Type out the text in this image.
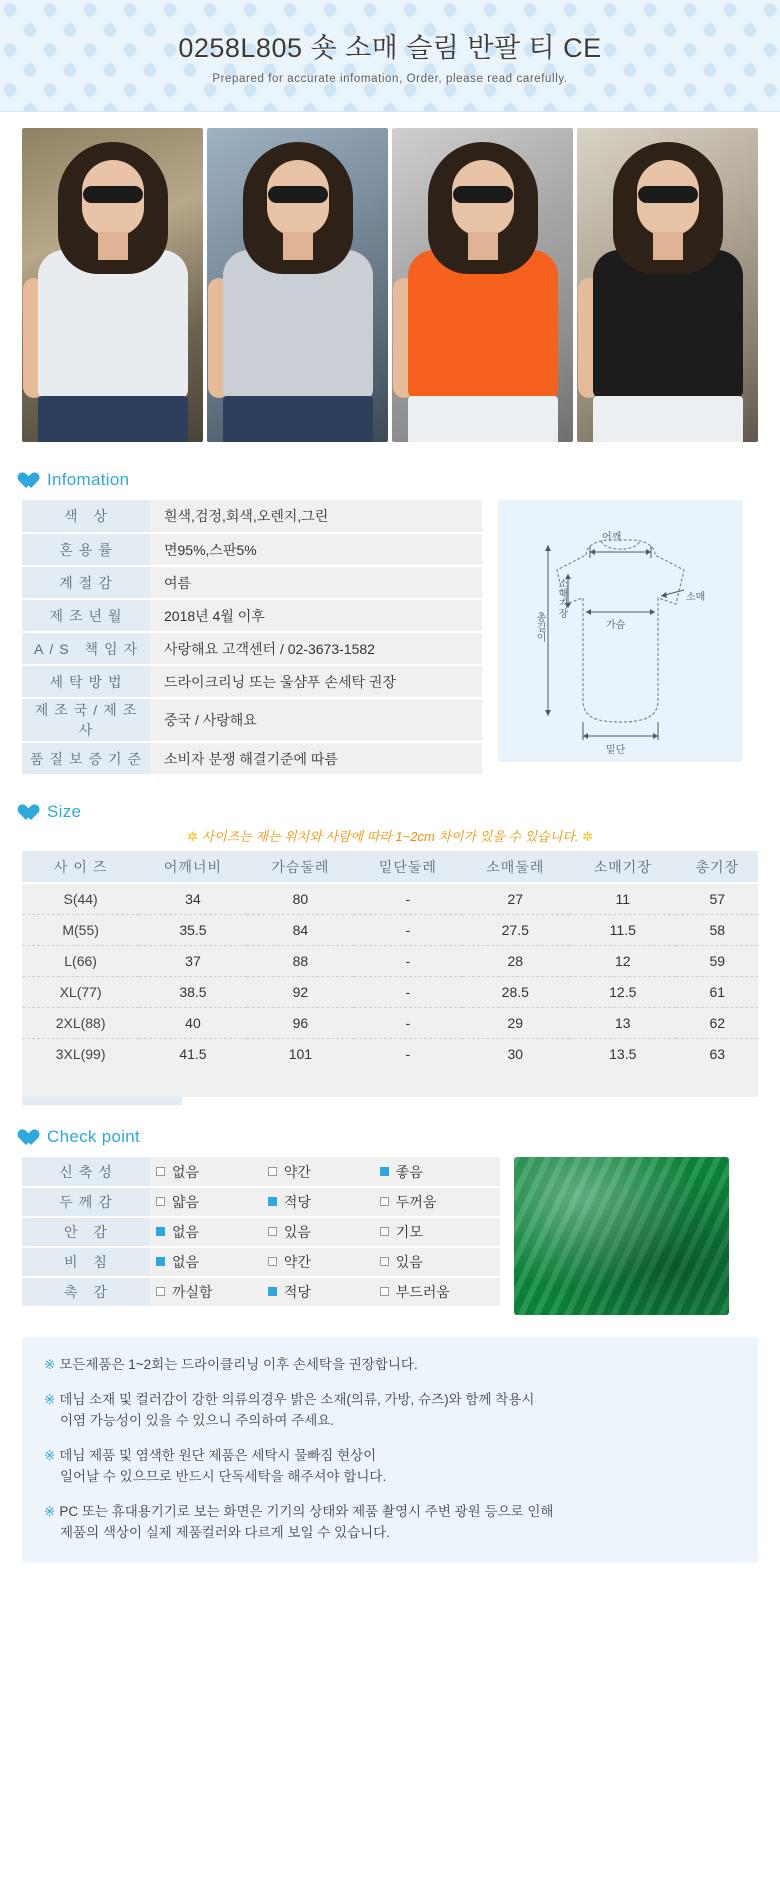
0258L805 숏 소매 슬림 반팔 티 CE
Prepared for accurate infomation, Order, please read carefully.
Infomation
색 상	흰색,검정,회색,오렌지,그린
혼용률	면95%,스판5%
계절감	여름
제조년월	2018년 4월 이후
A/S 책임자	사랑해요 고객센터 / 02-3673-1582
세탁방법	드라이크리닝 또는 울샴푸 손세탁 권장
제조국/제조사	중국 / 사랑해요
품질보증기준	소비자 분쟁 해결기준에 따름
어깨
소매기장
가슴
소매
총길이
밑단
Size
✲ 사이즈는 재는 위치와 사람에 따라 1~2cm 차이가 있을 수 있습니다. ✲
사이즈	어깨너비	가슴둘레	밑단둘레	소매둘레	소매기장	총기장
S(44)	34	80	-	27	11	57
M(55)	35.5	84	-	27.5	11.5	58
L(66)	37	88	-	28	12	59
XL(77)	38.5	92	-	28.5	12.5	61
2XL(88)	40	96	-	29	13	62
3XL(99)	41.5	101	-	30	13.5	63
Check point
신축성	없음 약간 좋음
두께감	얇음 적당 두꺼움
안 감	없음 있음 기모
비 침	없음 약간 있음
촉 감	까실함 적당 부드러움

※ 모든제품은 1~2회는 드라이클리닝 이후 손세탁을 권장합니다.

※ 데님 소재 및 컬러감이 강한 의류의경우 밝은 소재(의류, 가방, 슈즈)와 함께 착용시
이염 가능성이 있을 수 있으니 주의하여 주세요.

※ 데님 제품 및 염색한 원단 제품은 세탁시 물빠짐 현상이
일어날 수 있으므로 반드시 단독세탁을 해주셔야 합니다.

※ PC 또는 휴대용기기로 보는 화면은 기기의 상태와 제품 촬영시 주변 광원 등으로 인해
제품의 색상이 실제 제품컬러와 다르게 보일 수 있습니다.
